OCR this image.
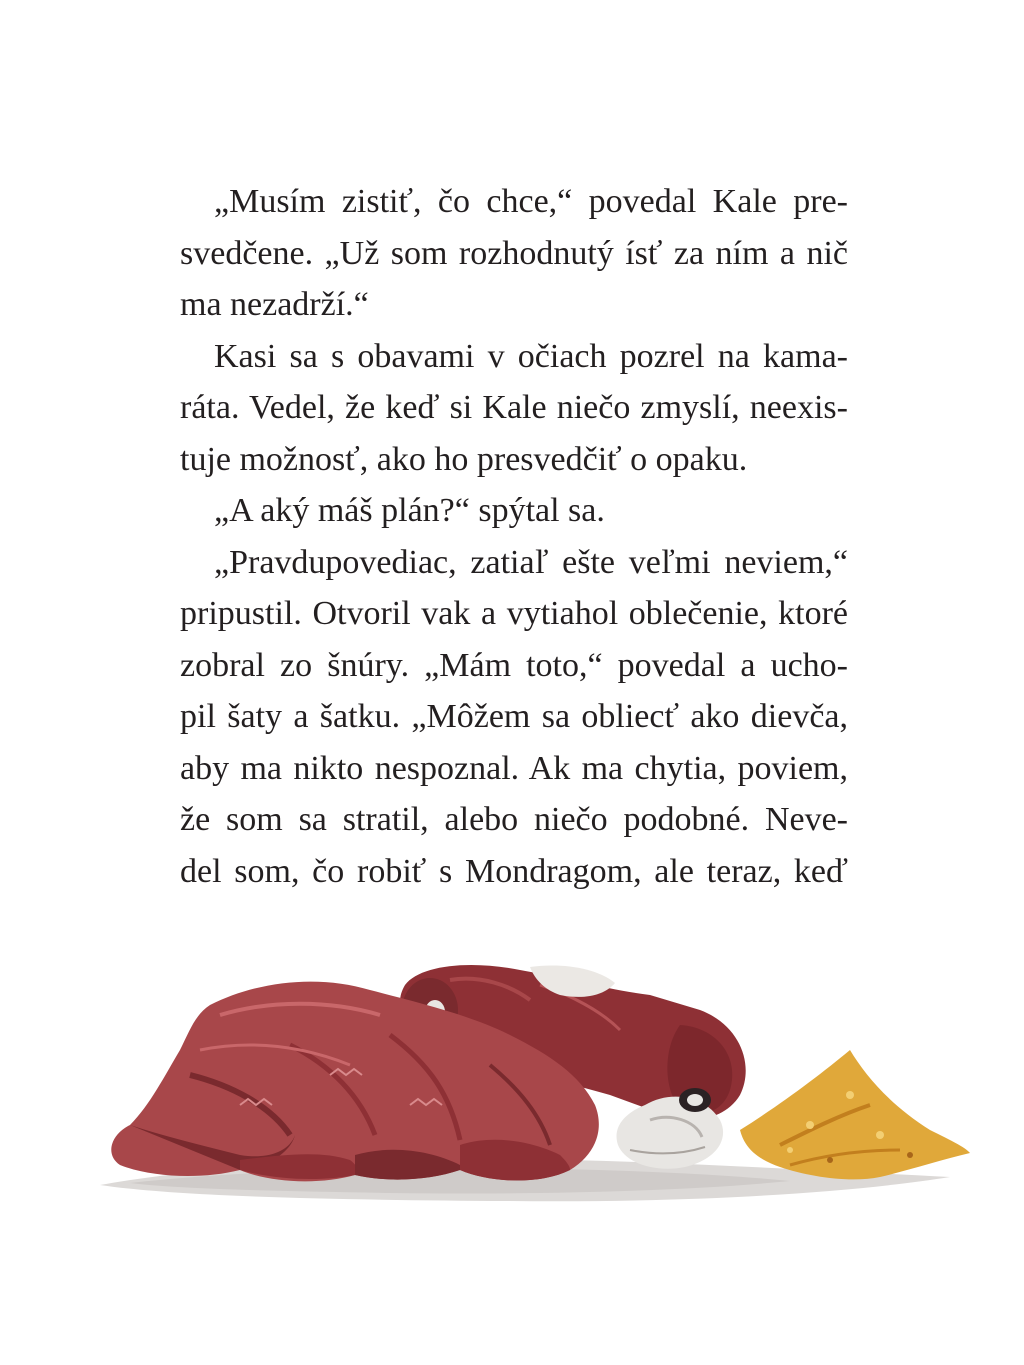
„Musím zistiť, čo chce,“ povedal Kale pre-
svedčene. „Už som rozhodnutý ísť za ním a nič
ma nezadrží.“
Kasi sa s obavami v očiach pozrel na kama-
ráta. Vedel, že keď si Kale niečo zmyslí, neexis-
tuje možnosť, ako ho presvedčiť o opaku.
„A aký máš plán?“ spýtal sa.
„Pravdupovediac, zatiaľ ešte veľmi neviem,“
pripustil. Otvoril vak a vytiahol oblečenie, ktoré
zobral zo šnúry. „Mám toto,“ povedal a ucho-
pil šaty a šatku. „Môžem sa obliecť ako dievča,
aby ma nikto nespoznal. Ak ma chytia, poviem,
že som sa stratil, alebo niečo podobné. Neve-
del som, čo robiť s Mondragom, ale teraz, keď
